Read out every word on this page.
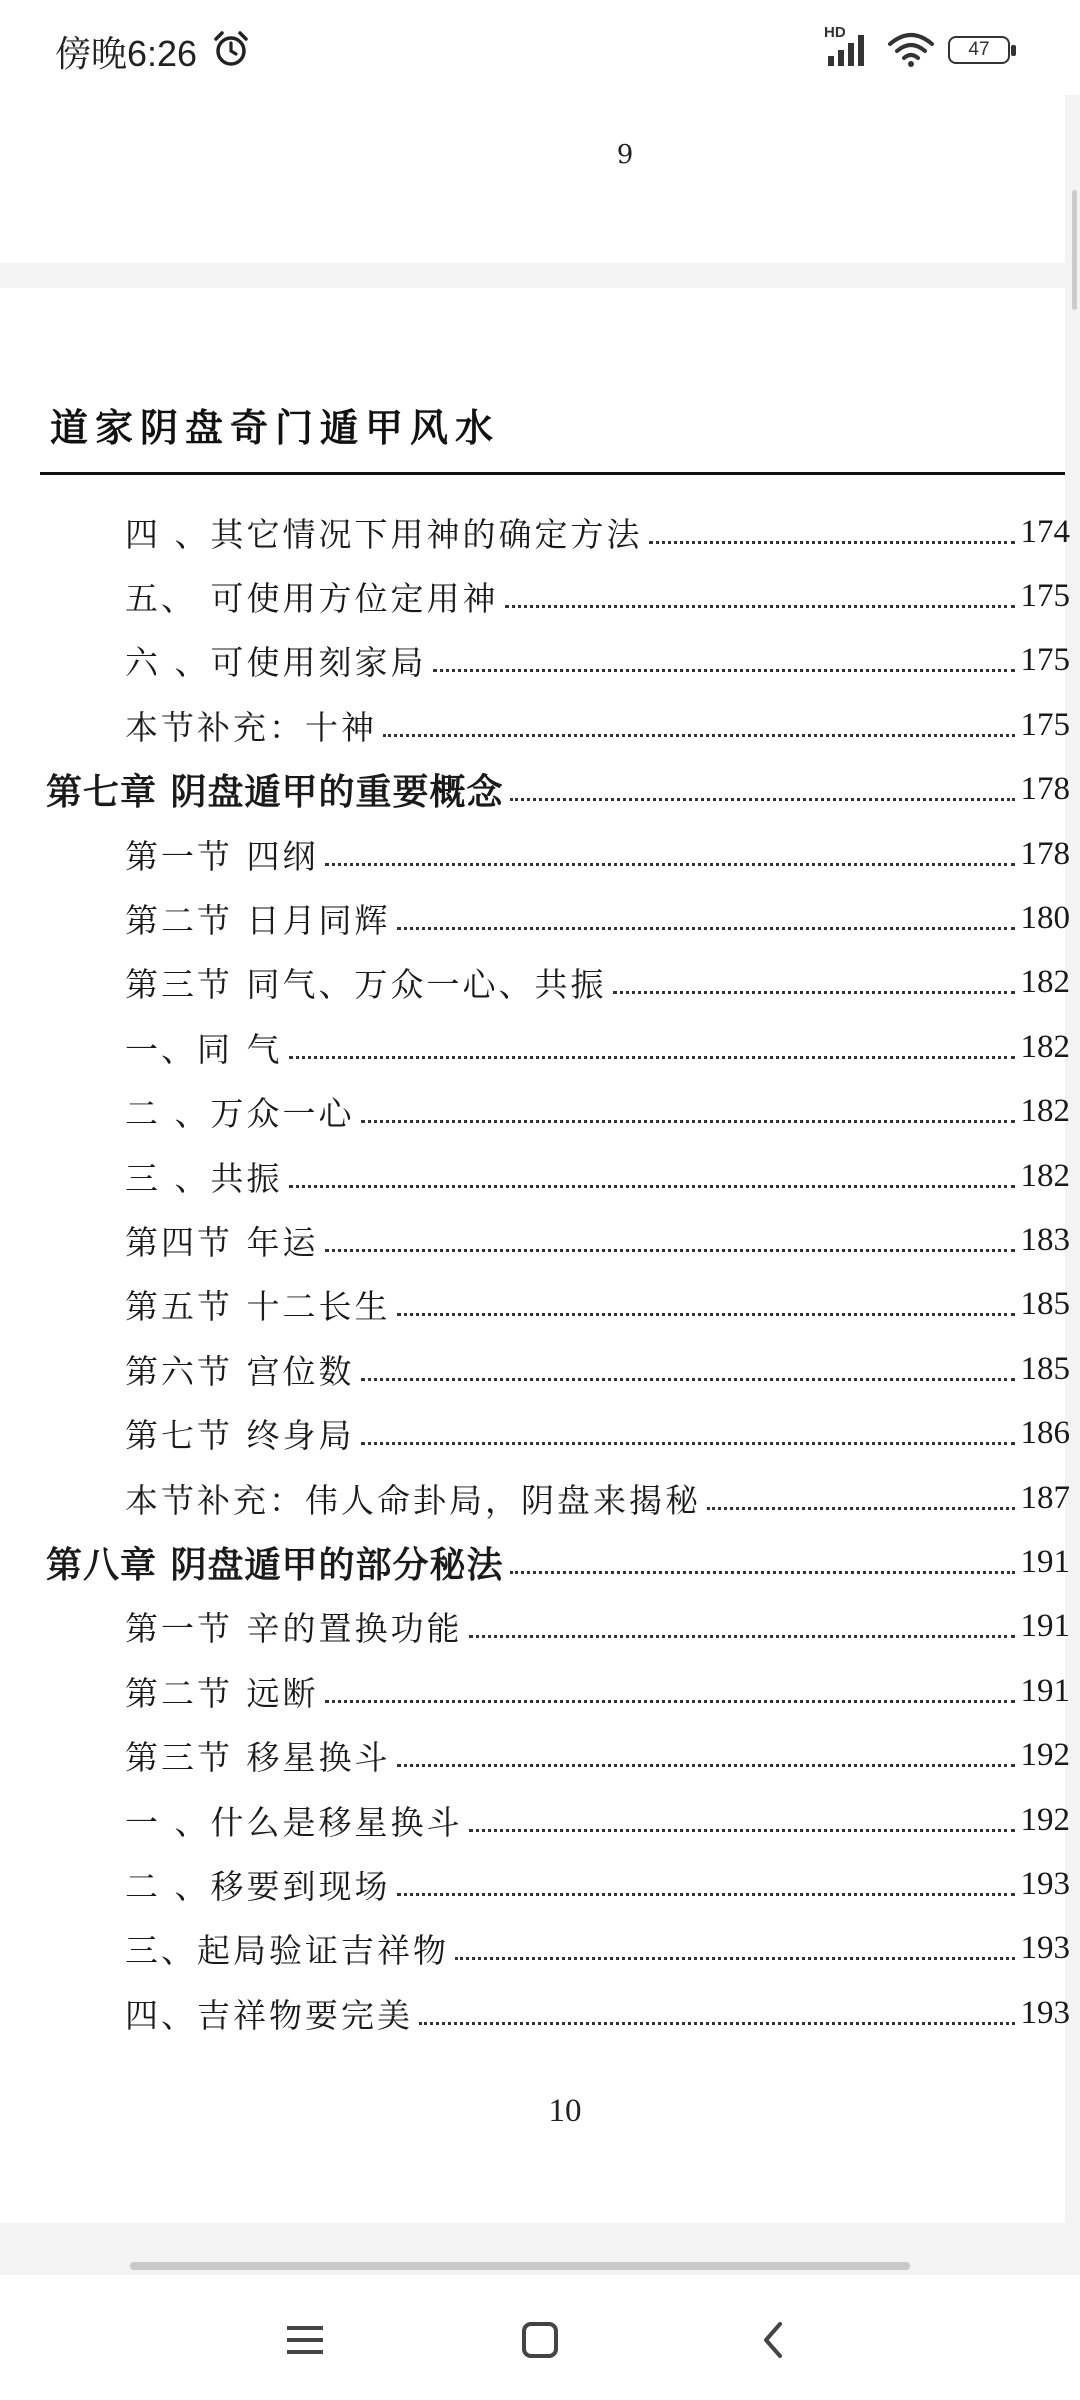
傍晚6:26
HD
47
9
道家阴盘奇门遁甲风水
四 、其它情况下用神的确定方法	174
五、 可使用方位定用神	175
六 、可使用刻家局	175
本节补充：十神	175
第七章 阴盘遁甲的重要概念	178
第一节 四纲	178
第二节 日月同辉	180
第三节 同气、万众一心、共振	182
一、同 气	182
二 、万众一心	182
三 、共振	182
第四节 年运	183
第五节 十二长生	185
第六节 宫位数	185
第七节 终身局	186
本节补充：伟人命卦局，阴盘来揭秘	187
第八章 阴盘遁甲的部分秘法	191
第一节 辛的置换功能	191
第二节 远断	191
第三节 移星换斗	192
一 、什么是移星换斗	192
二 、移要到现场	193
三、起局验证吉祥物	193
四、吉祥物要完美	193
10
